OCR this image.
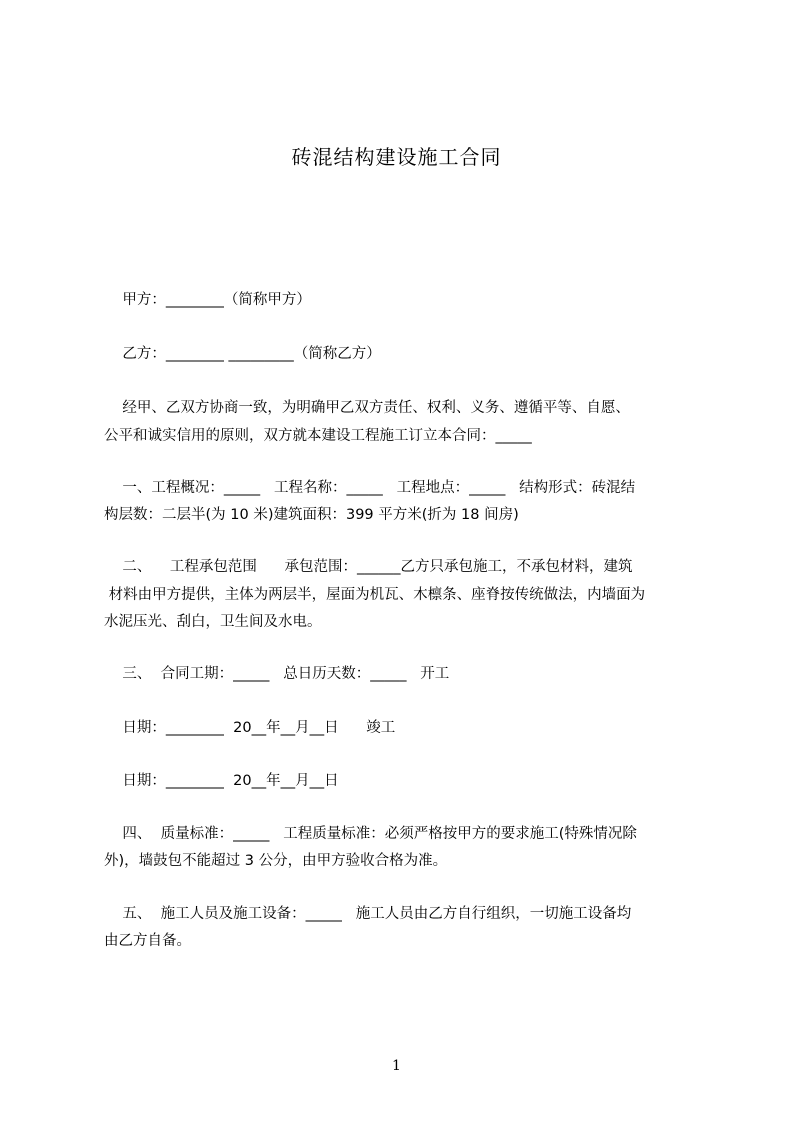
砖混结构建设施工合同
甲方：________（简称甲方）
乙方：________ _________（简称乙方）
经甲、乙双方协商一致，为明确甲乙双方责任、权利、义务、遵循平等、自愿、
公平和诚实信用的原则，双方就本建设工程施工订立本合同：_____
一、工程概况：_____   工程名称：_____   工程地点：_____   结构形式：砖混结
构层数：二层半(为 10 米)建筑面积：399 平方米(折为 18 间房)
二、    工程承包范围      承包范围：______乙方只承包施工，不承包材料，建筑
材料由甲方提供，主体为两层半，屋面为机瓦、木檩条、座脊按传统做法，内墙面为
水泥压光、刮白，卫生间及水电。
三、  合同工期：_____   总日历天数：_____   开工
日期：________  20__年__月__日      竣工
日期：________  20__年__月__日
四、  质量标准：_____   工程质量标准：必须严格按甲方的要求施工(特殊情况除
外)，墙鼓包不能超过 3 公分，由甲方验收合格为准。
五、  施工人员及施工设备：_____   施工人员由乙方自行组织，一切施工设备均
由乙方自备。
1
